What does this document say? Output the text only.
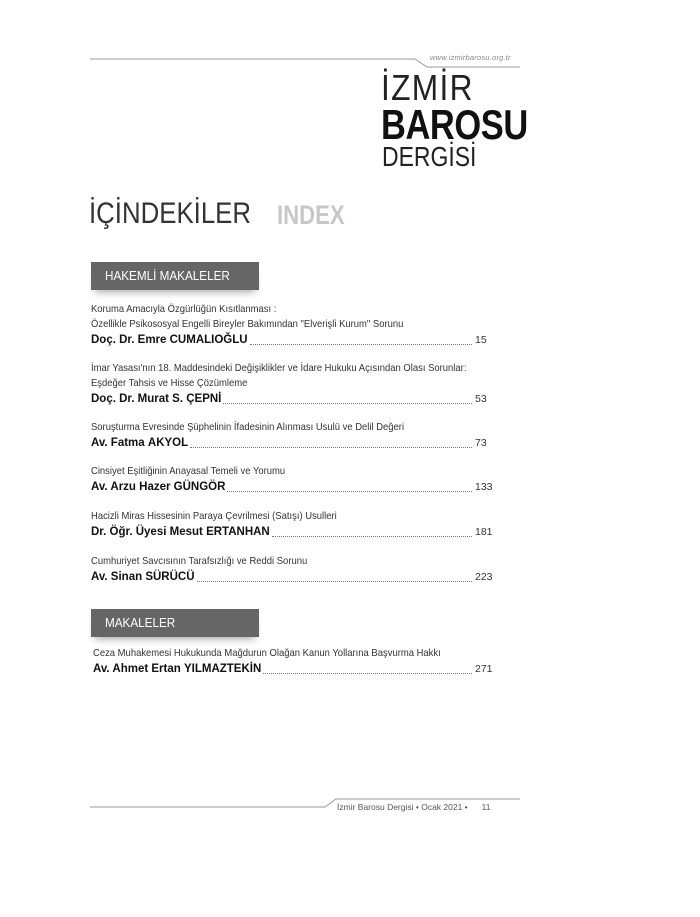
www.izmirbarosu.org.tr
İZMİR
BAROSU
DERGİSİ
İÇİNDEKİLER INDEX
HAKEMLİ MAKALELER
Koruma Amacıyla Özgürlüğün Kısıtlanması :
Özellikle Psikososyal Engelli Bireyler Bakımından "Elverişli Kurum" Sorunu
Doç. Dr. Emre CUMALIOĞLU	15
İmar Yasası'nın 18. Maddesindeki Değişiklikler ve İdare Hukuku Açısından Olası Sorunlar:
Eşdeğer Tahsis ve Hisse Çözümleme
Doç. Dr. Murat S. ÇEPNİ	53
Soruşturma Evresinde Şüphelinin İfadesinin Alınması Usulü ve Delil Değeri
Av. Fatma AKYOL	73
Cinsiyet Eşitliğinin Anayasal Temeli ve Yorumu
Av. Arzu Hazer GÜNGÖR	133
Hacizli Miras Hissesinin Paraya Çevrilmesi (Satışı) Usulleri
Dr. Öğr. Üyesi Mesut ERTANHAN	181
Cumhuriyet Savcısının Tarafsızlığı ve Reddi Sorunu
Av. Sinan SÜRÜCÜ	223
MAKALELER
Ceza Muhakemesi Hukukunda Mağdurun Olağan Kanun Yollarına Başvurma Hakkı
Av. Ahmet Ertan YILMAZTEKİN	271
İzmir Barosu Dergisi • Ocak 2021 • 11
